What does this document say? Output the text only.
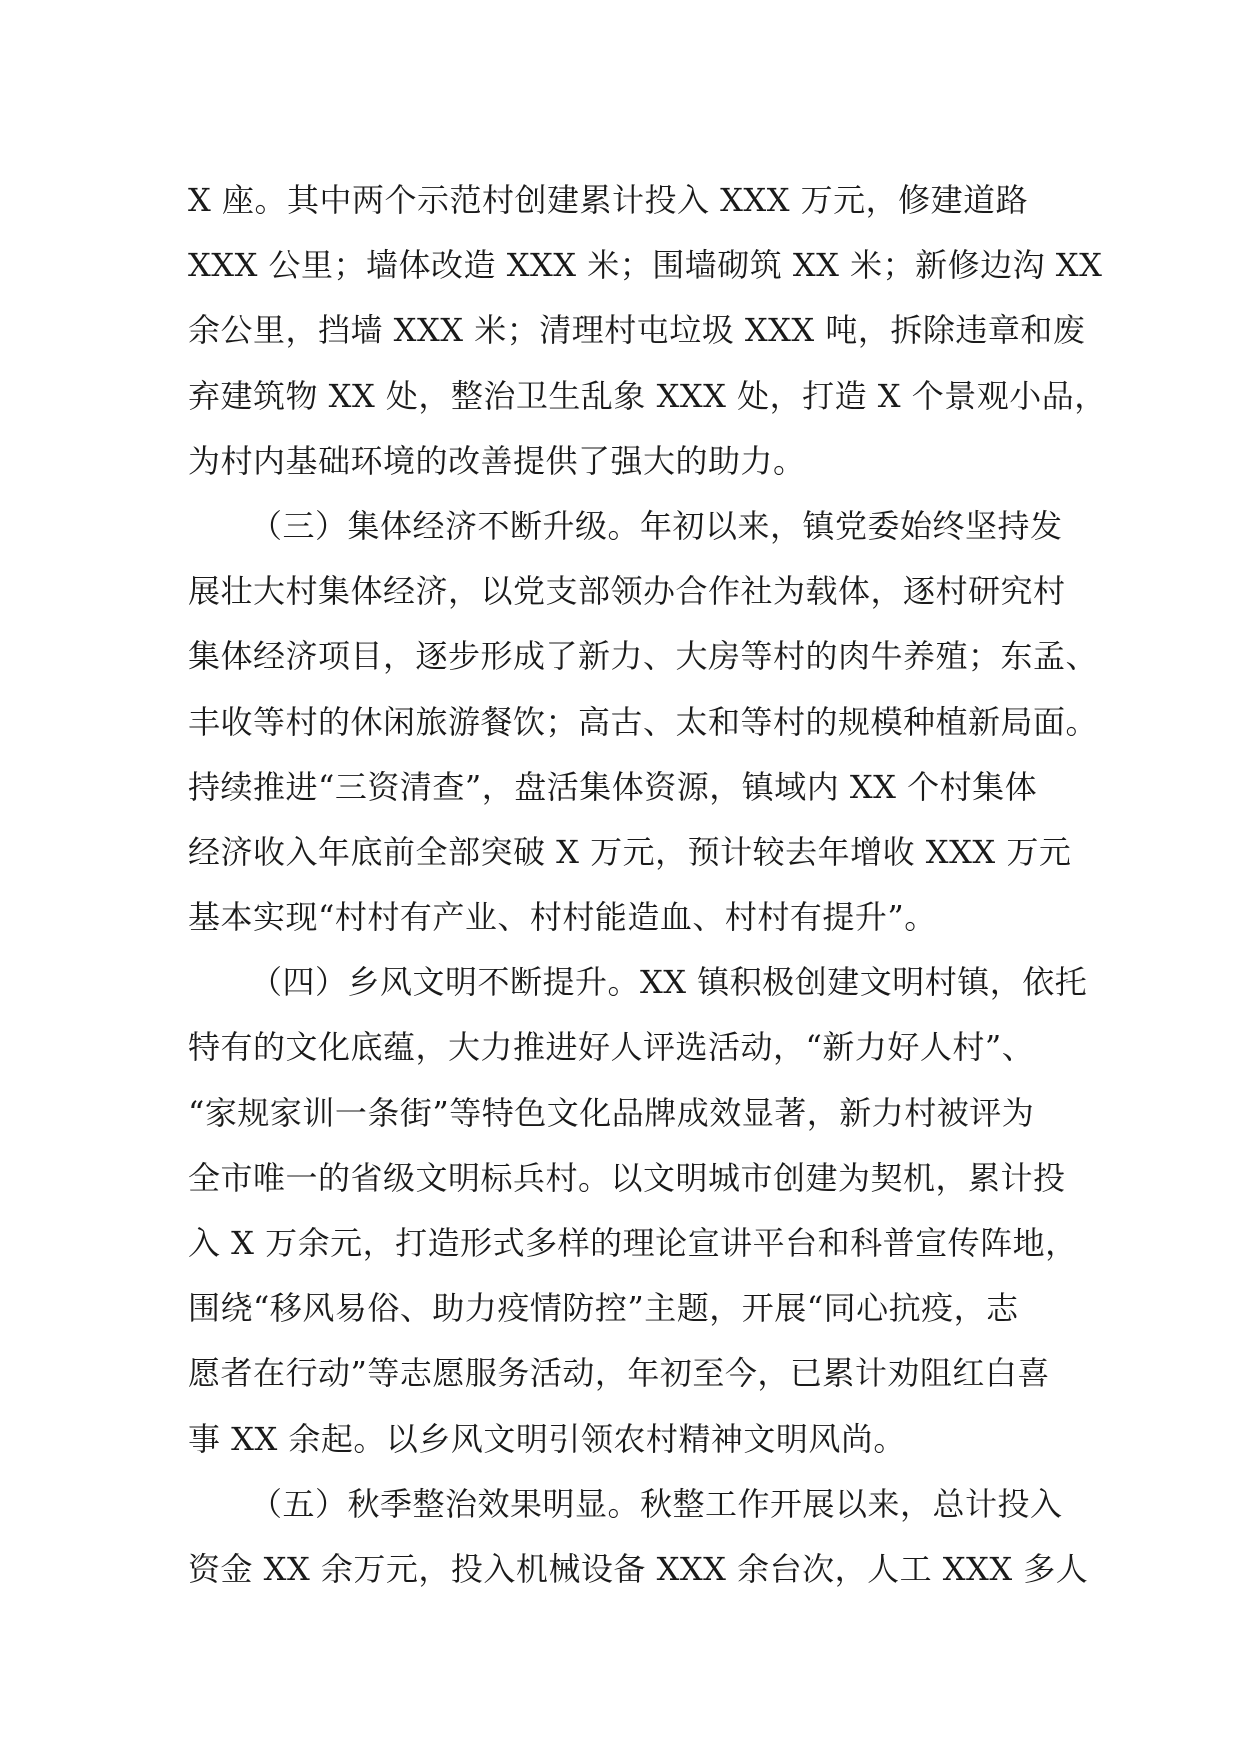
X 座。其中两个示范村创建累计投入 XXX 万元，修建道路
XXX 公里；墙体改造 XXX 米；围墙砌筑 XX 米；新修边沟 XX
余公里，挡墙 XXX 米；清理村屯垃圾 XXX 吨，拆除违章和废
弃建筑物 XX 处，整治卫生乱象 XXX 处，打造 X 个景观小品，
为村内基础环境的改善提供了强大的助力。
（三）集体经济不断升级。年初以来，镇党委始终坚持发
展壮大村集体经济，以党支部领办合作社为载体，逐村研究村
集体经济项目，逐步形成了新力、大房等村的肉牛养殖；东孟、
丰收等村的休闲旅游餐饮；高古、太和等村的规模种植新局面。
持续推进“三资清查”，盘活集体资源，镇域内 XX 个村集体
经济收入年底前全部突破 X 万元，预计较去年增收 XXX 万元
基本实现“村村有产业、村村能造血、村村有提升”。
（四）乡风文明不断提升。XX 镇积极创建文明村镇，依托
特有的文化底蕴，大力推进好人评选活动，“新力好人村”、
“家规家训一条街”等特色文化品牌成效显著，新力村被评为
全市唯一的省级文明标兵村。以文明城市创建为契机，累计投
入 X 万余元，打造形式多样的理论宣讲平台和科普宣传阵地，
围绕“移风易俗、助力疫情防控”主题，开展“同心抗疫，志
愿者在行动”等志愿服务活动，年初至今，已累计劝阻红白喜
事 XX 余起。以乡风文明引领农村精神文明风尚。
（五）秋季整治效果明显。秋整工作开展以来，总计投入
资金 XX 余万元，投入机械设备 XXX 余台次，人工 XXX 多人
